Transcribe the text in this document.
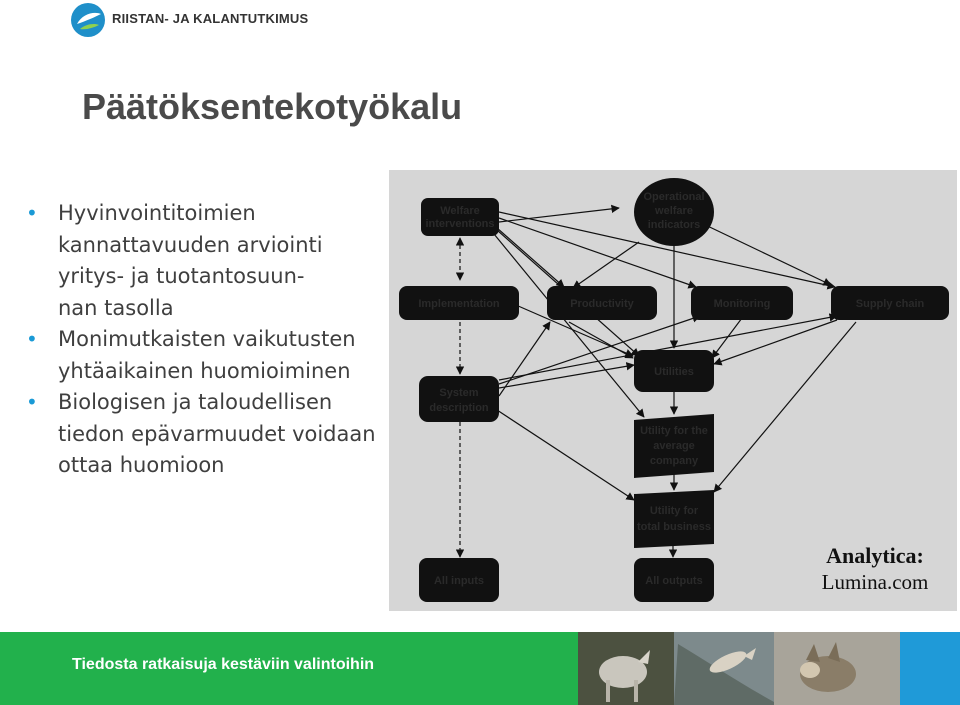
RIISTAN- JA KALANTUTKIMUS
Päätöksentekotyökalu
• Hyvinvointitoimien
kannattavuuden arviointi
yritys- ja tuotantosuun-
nan tasolla
• Monimutkaisten vaikutusten
yhtäaikainen huomioiminen
• Biologisen ja taloudellisen
tiedon epävarmuudet voidaan
ottaa huomioon
Welfare
interventions
Operational
welfare
indicators
Implementation	Productivity	Monitoring	Supply chain
Utilities
System
description
Utility for the
average
company
Utility for
total business
All inputs	All outputs
Analytica:
Lumina.com
Tiedosta ratkaisuja kestäviin valintoihin
